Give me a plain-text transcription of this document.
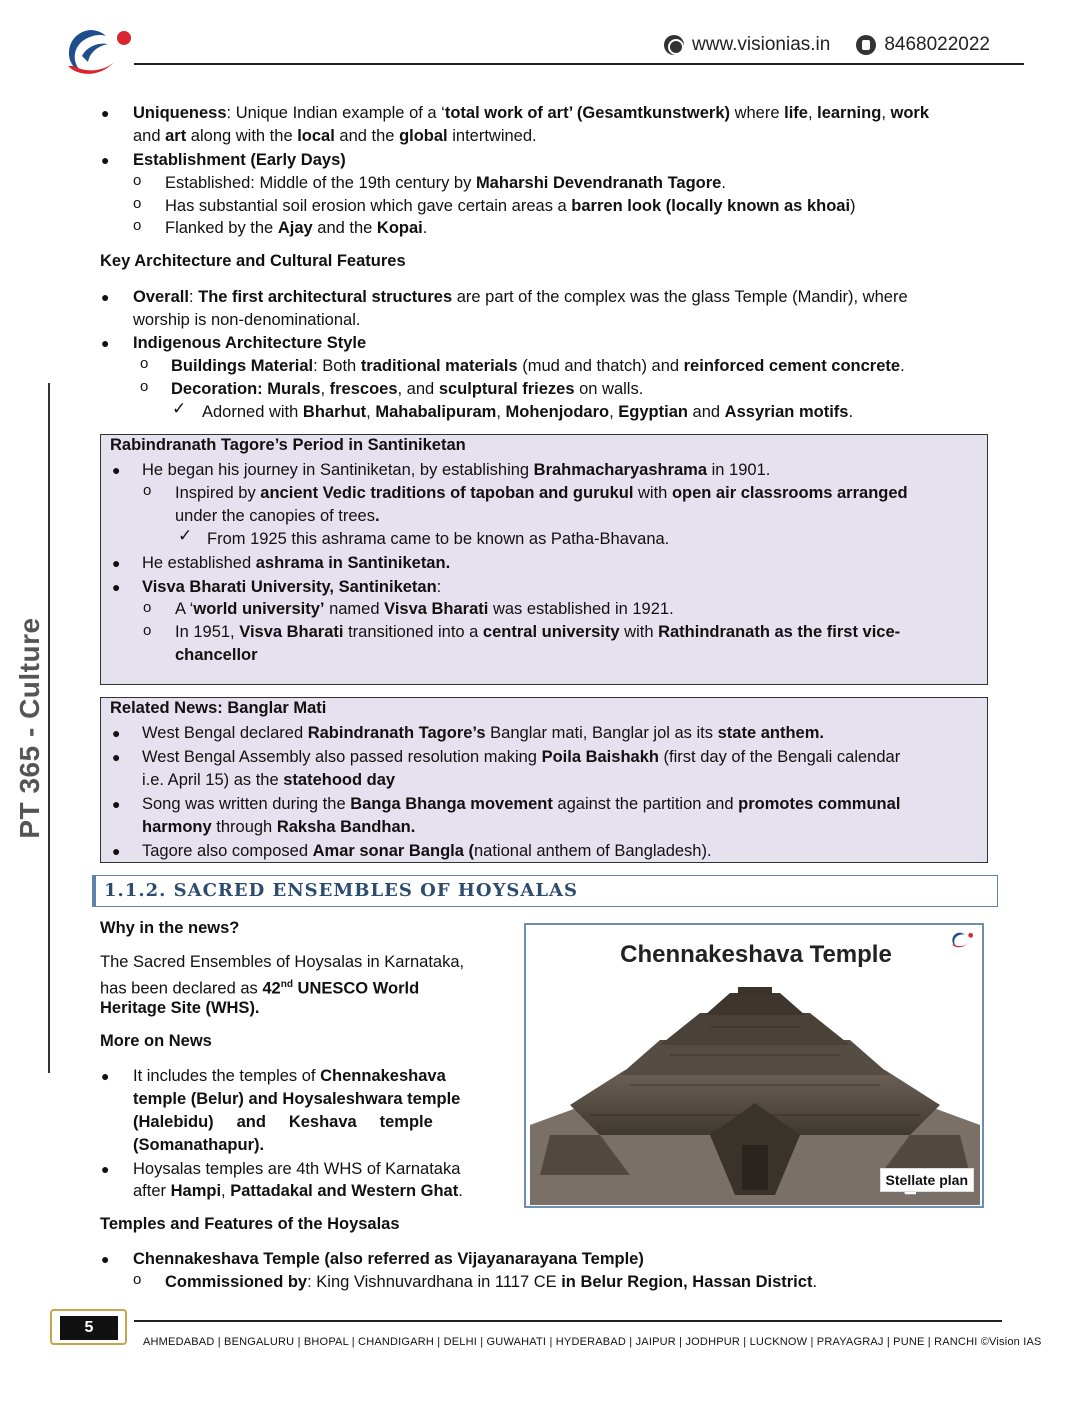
www.visionias.in	8468022022
PT 365 - Culture
● Uniqueness: Unique Indian example of a ‘total work of art’ (Gesamtkunstwerk) where life, learning, work
and art along with the local and the global intertwined.
● Establishment (Early Days)
o Established: Middle of the 19th century by Maharshi Devendranath Tagore.
o Has substantial soil erosion which gave certain areas a barren look (locally known as khoai)
o Flanked by the Ajay and the Kopai.
Key Architecture and Cultural Features
● Overall: The first architectural structures are part of the complex was the glass Temple (Mandir), where
worship is non-denominational.
● Indigenous Architecture Style
o Buildings Material: Both traditional materials (mud and thatch) and reinforced cement concrete.
o Decoration: Murals, frescoes, and sculptural friezes on walls.
✓ Adorned with Bharhut, Mahabalipuram, Mohenjodaro, Egyptian and Assyrian motifs.
Rabindranath Tagore’s Period in Santiniketan
● He began his journey in Santiniketan, by establishing Brahmacharyashrama in 1901.
o Inspired by ancient Vedic traditions of tapoban and gurukul with open air classrooms arranged
under the canopies of trees.
✓ From 1925 this ashrama came to be known as Patha-Bhavana.
● He established ashrama in Santiniketan.
● Visva Bharati University, Santiniketan:
o A ‘world university’ named Visva Bharati was established in 1921.
o In 1951, Visva Bharati transitioned into a central university with Rathindranath as the first vice-
chancellor
Related News: Banglar Mati
● West Bengal declared Rabindranath Tagore’s Banglar mati, Banglar jol as its state anthem.
● West Bengal Assembly also passed resolution making Poila Baishakh (first day of the Bengali calendar
i.e. April 15) as the statehood day
● Song was written during the Banga Bhanga movement against the partition and promotes communal
harmony through Raksha Bandhan.
● Tagore also composed Amar sonar Bangla (national anthem of Bangladesh).
1.1.2. SACRED ENSEMBLES OF HOYSALAS
Why in the news?
The Sacred Ensembles of Hoysalas in Karnataka,
has been declared as 42nd UNESCO World
Heritage Site (WHS).
More on News
● It includes the temples of Chennakeshava
temple (Belur) and Hoysaleshwara temple
(Halebidu)     and     Keshava     temple
(Somanathapur).
● Hoysalas temples are 4th WHS of Karnataka
after Hampi, Pattadakal and Western Ghat.
Chennakeshava Temple
Stellate plan
Temples and Features of the Hoysalas
● Chennakeshava Temple (also referred as Vijayanarayana Temple)
o Commissioned by: King Vishnuvardhana in 1117 CE in Belur Region, Hassan District.
5
AHMEDABAD | BENGALURU | BHOPAL | CHANDIGARH | DELHI | GUWAHATI | HYDERABAD | JAIPUR | JODHPUR | LUCKNOW | PRAYAGRAJ | PUNE | RANCHI ©Vision IAS
